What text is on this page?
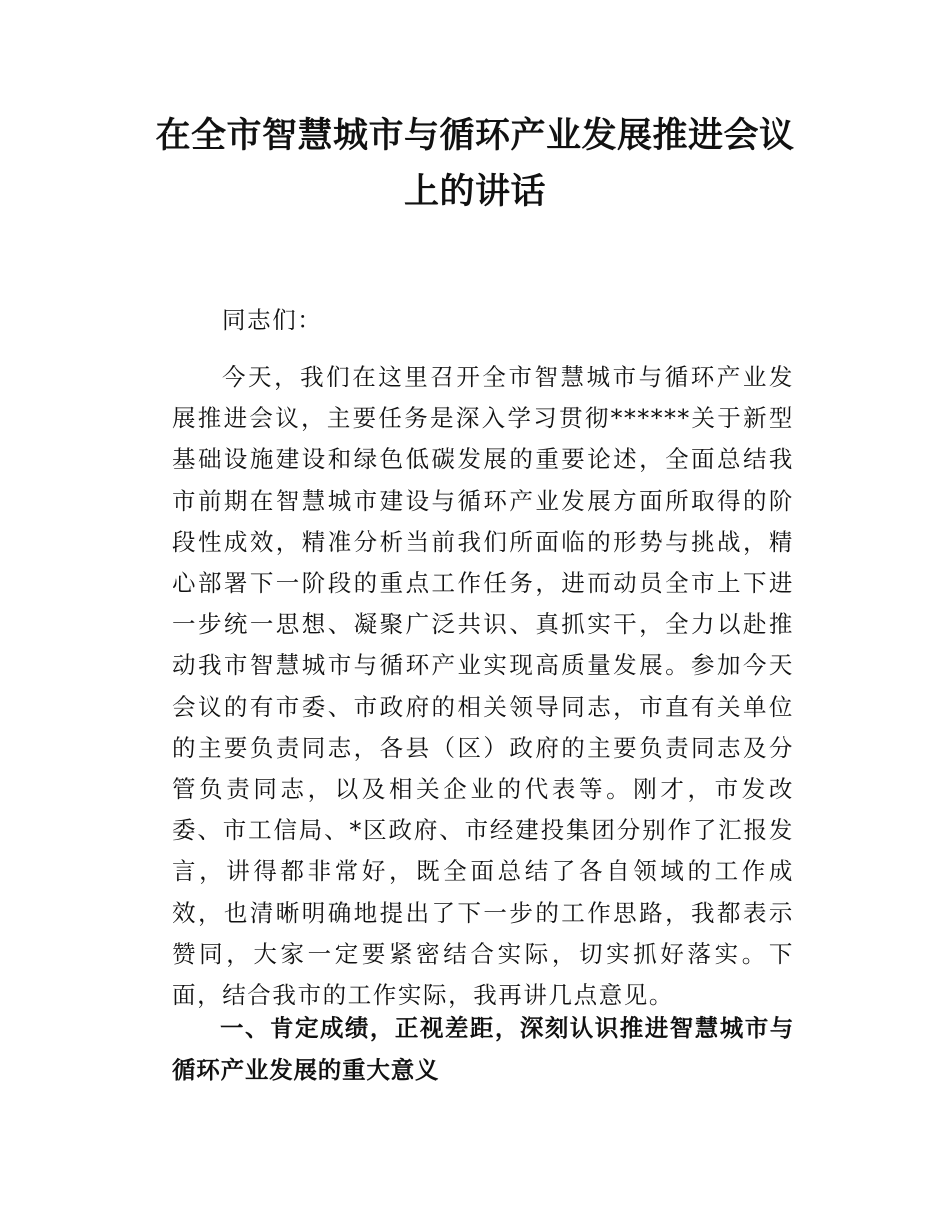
在全市智慧城市与循环产业发展推进会议上的讲话

同志们：

今天，我们在这里召开全市智慧城市与循环产业发展推进会议，主要任务是深入学习贯彻******关于新型基础设施建设和绿色低碳发展的重要论述，全面总结我市前期在智慧城市建设与循环产业发展方面所取得的阶段性成效，精准分析当前我们所面临的形势与挑战，精心部署下一阶段的重点工作任务，进而动员全市上下进一步统一思想、凝聚广泛共识、真抓实干，全力以赴推动我市智慧城市与循环产业实现高质量发展。参加今天会议的有市委、市政府的相关领导同志，市直有关单位的主要负责同志，各县（区）政府的主要负责同志及分管负责同志，以及相关企业的代表等。刚才，市发改委、市工信局、*区政府、市经建投集团分别作了汇报发言，讲得都非常好，既全面总结了各自领域的工作成效，也清晰明确地提出了下一步的工作思路，我都表示赞同，大家一定要紧密结合实际，切实抓好落实。下面，结合我市的工作实际，我再讲几点意见。

一、肯定成绩，正视差距，深刻认识推进智慧城市与循环产业发展的重大意义
